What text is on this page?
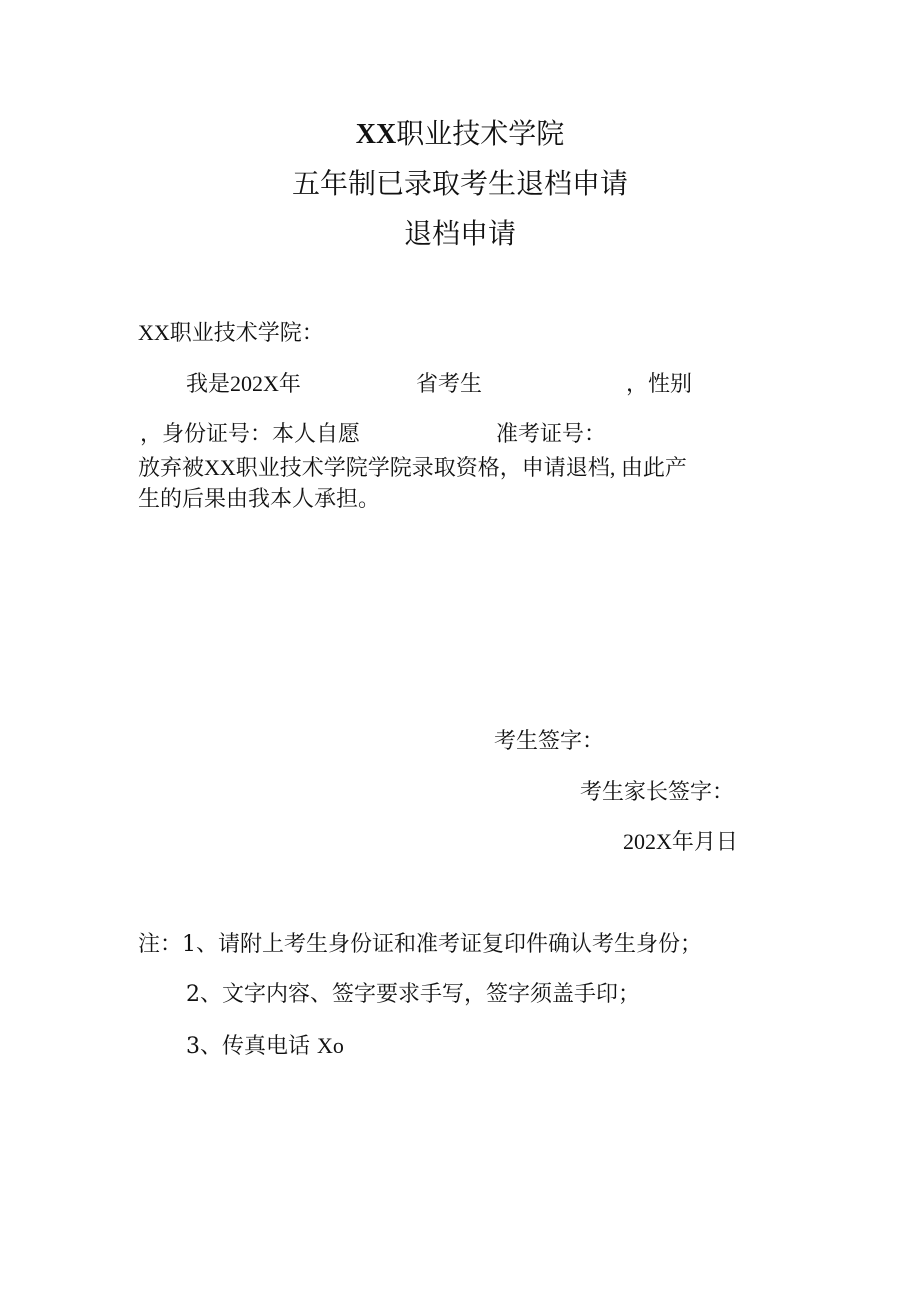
XX职业技术学院
五年制已录取考生退档申请
退档申请
XX职业技术学院：
我是202X年	省考生	，性别
，身份证号：本人自愿	准考证号：
放弃被XX职业技术学院学院录取资格，申请退档, 由此产
生的后果由我本人承担。
考生签字：
考生家长签字：
202X年月日
注：1、请附上考生身份证和准考证复印件确认考生身份；
2、文字内容、签字要求手写，签字须盖手印；
3、传真电话 Xo
